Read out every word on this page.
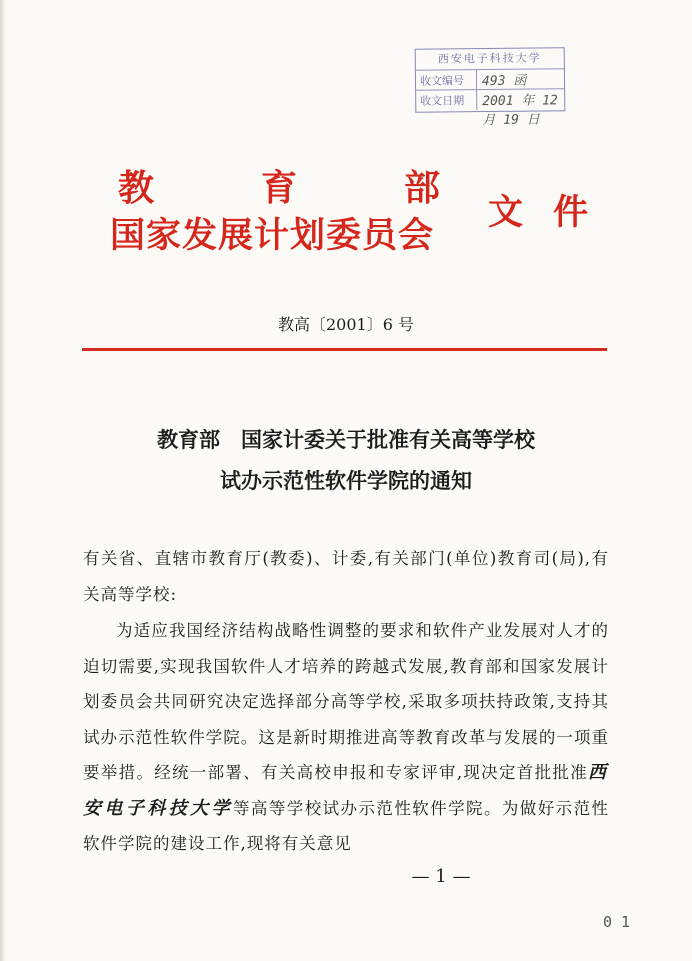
西安电子科技大学
收文编号	493 函
收文日期	2001 年 12 月 19 日
教	育	部
国家发展计划委员会
文 件
教高〔2001〕6 号
教育部　国家计委关于批准有关高等学校
试办示范性软件学院的通知

有关省、直辖市教育厅(教委)、计委,有关部门(单位)教育司(局),有关高等学校:

为适应我国经济结构战略性调整的要求和软件产业发展对人才的迫切需要,实现我国软件人才培养的跨越式发展,教育部和国家发展计划委员会共同研究决定选择部分高等学校,采取多项扶持政策,支持其试办示范性软件学院。这是新时期推进高等教育改革与发展的一项重要举措。经统一部署、有关高校申报和专家评审,现决定首批批准西安电子科技大学等高等学校试办示范性软件学院。为做好示范性软件学院的建设工作,现将有关意见

— 1 —
0 1
